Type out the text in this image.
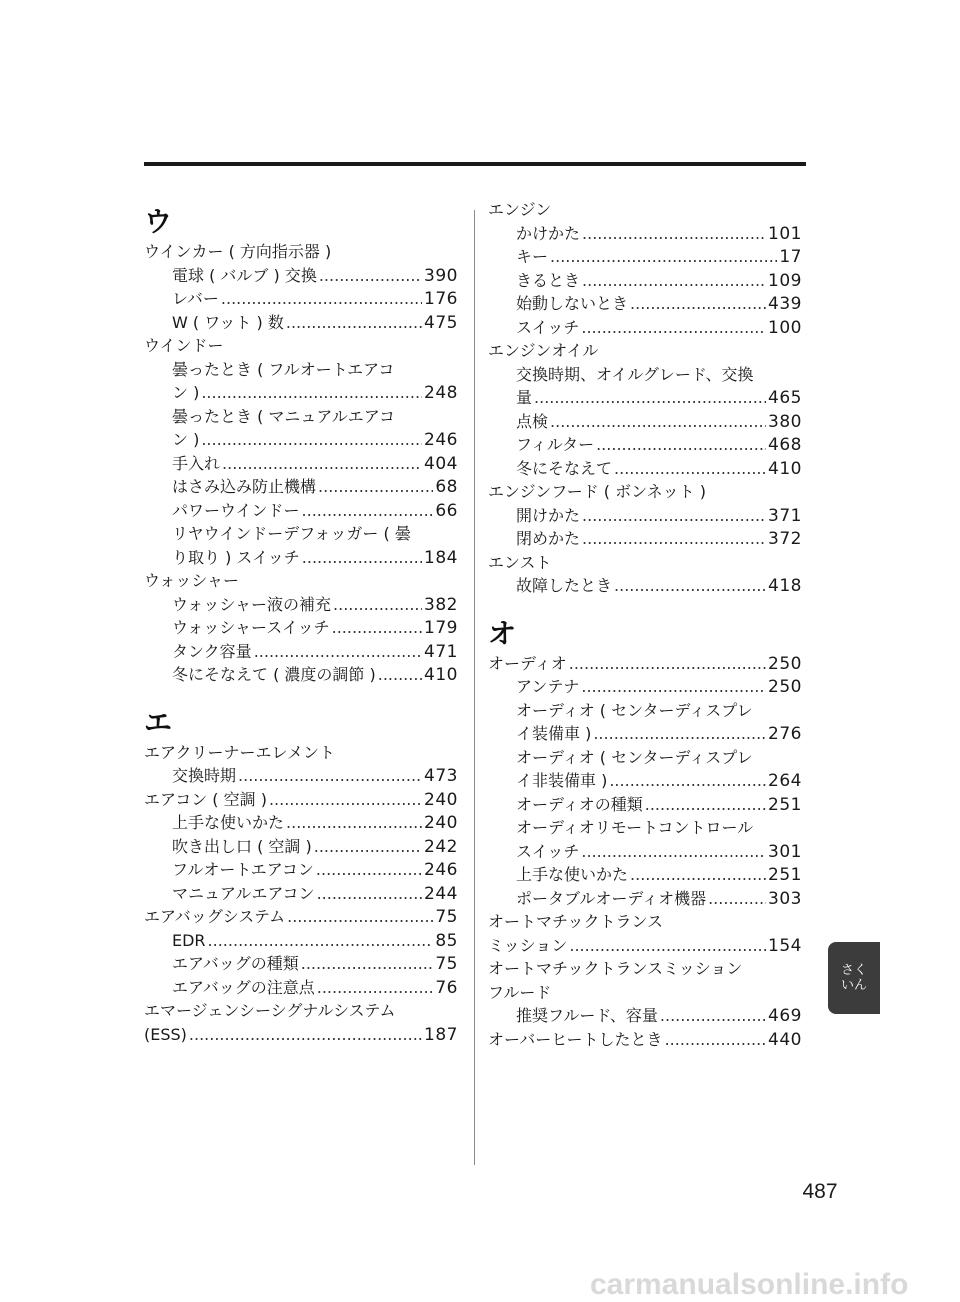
ウ
ウインカー ( 方向指示器 )
電球 ( バルブ ) 交換 .....	390
レバー .....	176
W ( ワット ) 数 .....	475
ウインドー
曇ったとき ( フルオートエアコ
ン ) .....	248
曇ったとき ( マニュアルエアコ
ン ) .....	246
手入れ .....	404
はさみ込み防止機構 .....	68
パワーウインドー .....	66
リヤウインドーデフォッガー ( 曇
り取り ) スイッチ .....	184
ウォッシャー
ウォッシャー液の補充 .....	382
ウォッシャースイッチ .....	179
タンク容量 .....	471
冬にそなえて ( 濃度の調節 ) .....	410
エ
エアクリーナーエレメント
交換時期 .....	473
エアコン ( 空調 ) .....	240
上手な使いかた .....	240
吹き出し口 ( 空調 ) .....	242
フルオートエアコン .....	246
マニュアルエアコン .....	244
エアバッグシステム .....	75
EDR .....	85
エアバッグの種類 .....	75
エアバッグの注意点 .....	76
エマージェンシーシグナルシステム
(ESS) .....	187
エンジン
かけかた .....	101
キー .....	17
きるとき .....	109
始動しないとき .....	439
スイッチ .....	100
エンジンオイル
交換時期、オイルグレード、交換
量 .....	465
点検 .....	380
フィルター .....	468
冬にそなえて .....	410
エンジンフード ( ボンネット )
開けかた .....	371
閉めかた .....	372
エンスト
故障したとき .....	418
オ
オーディオ .....	250
アンテナ .....	250
オーディオ ( センターディスプレ
イ装備車 ) .....	276
オーディオ ( センターディスプレ
イ非装備車 ) .....	264
オーディオの種類 .....	251
オーディオリモートコントロール
スイッチ .....	301
上手な使いかた .....	251
ポータブルオーディオ機器 .....	303
オートマチックトランス
ミッション .....	154
オートマチックトランスミッション
フルード
推奨フルード、容量 .....	469
オーバーヒートしたとき .....	440
さく
いん
487
carmanualsonline.info
